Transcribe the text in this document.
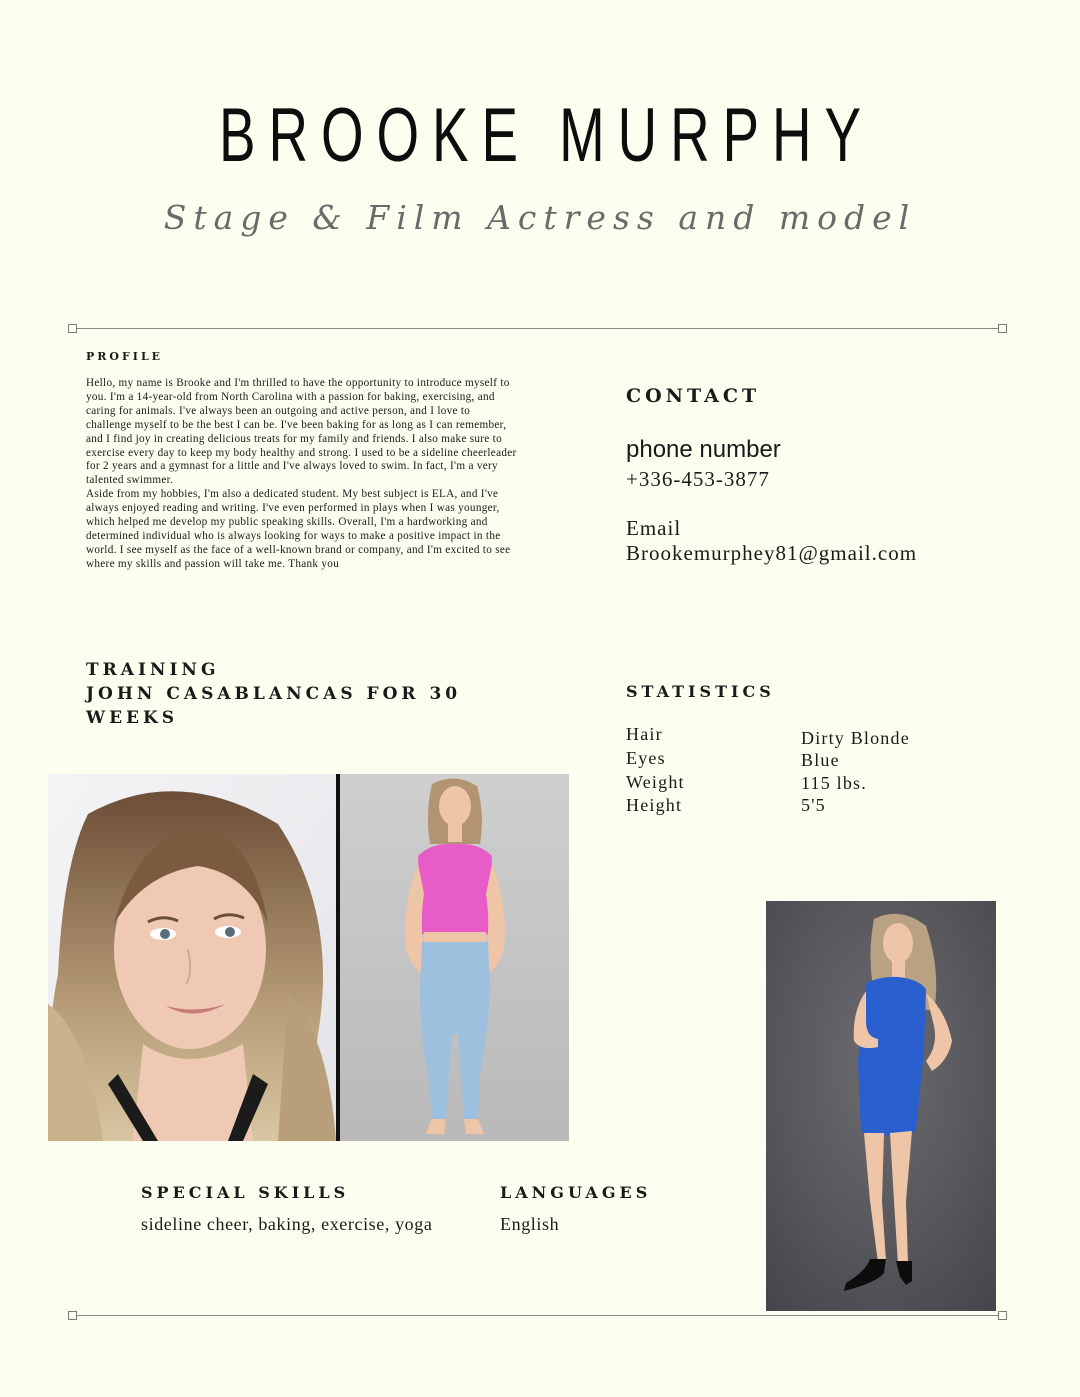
BROOKE MURPHY
Stage & Film Actress and model
PROFILE

Hello, my name is Brooke and I'm thrilled to have the opportunity to introduce myself to you. I'm a 14-year-old from North Carolina with a passion for baking, exercising, and caring for animals. I've always been an outgoing and active person, and I love to challenge myself to be the best I can be. I've been baking for as long as I can remember, and I find joy in creating delicious treats for my family and friends. I also make sure to exercise every day to keep my body healthy and strong. I used to be a sideline cheerleader for 2 years and a gymnast for a little and I've always loved to swim. In fact, I'm a very talented swimmer.

Aside from my hobbies, I'm also a dedicated student. My best subject is ELA, and I've always enjoyed reading and writing. I've even performed in plays when I was younger, which helped me develop my public speaking skills. Overall, I'm a hardworking and determined individual who is always looking for ways to make a positive impact in the world. I see myself as the face of a well-known brand or company, and I'm excited to see where my skills and passion will take me. Thank you

CONTACT
phone number
+336-453-3877
Email
Brookemurphey81@gmail.com
TRAINING
JOHN CASABLANCAS FOR 30
WEEKS
STATISTICS
Hair	Dirty Blonde
Eyes	Blue
Weight	115 lbs.
Height	5'5
SPECIAL SKILLS
sideline cheer, baking, exercise, yoga
LANGUAGES
English
